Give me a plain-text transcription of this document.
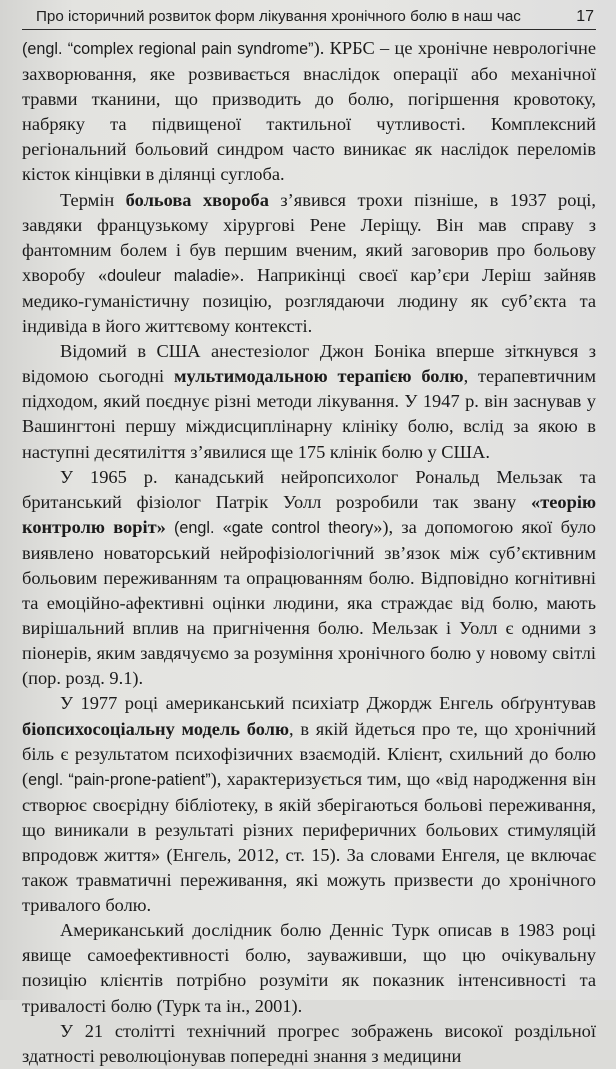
Про історичний розвиток форм лікування хронічного болю в наш час	17

(engl. “complex regional pain syndrome”). КРБС – це хронічне неврологічне захворювання, яке розвивається внаслідок операції або механічної травми тканини, що призводить до болю, погіршення кровотоку, набряку та підвищеної тактильної чутливості. Комплексний регіональний больовий синдром часто виникає як наслідок переломів кісток кінцівки в ділянці суглоба.

Термін больова хвороба з’явився трохи пізніше, в 1937 році, завдяки французькому хірургові Рене Леріщу. Він мав справу з фантомним болем і був першим вченим, який заговорив про больову хворобу «douleur maladie». Наприкінці своєї кар’єри Леріш зайняв медико-гуманістичну позицію, розглядаючи людину як суб’єкта та індивіда в його життєвому контексті.

Відомий в США анестезіолог Джон Боніка вперше зіткнувся з відомою сьогодні мультимодальною терапією болю, терапевтичним підходом, який поєднує різні методи лікування. У 1947 р. він заснував у Вашингтоні першу міждисциплінарну клініку болю, вслід за якою в наступні десятиліття з’явилися ще 175 клінік болю у США.

У 1965 р. канадський нейропсихолог Рональд Мельзак та британський фізіолог Патрік Уолл розробили так звану «теорію контролю воріт» (engl. «gate control theory»), за допомогою якої було виявлено новаторський нейрофізіологічний зв’язок між суб’єктивним больовим переживанням та опрацюванням болю. Відповідно когнітивні та емоційно-афективні оцінки людини, яка страждає від болю, мають вирішальний вплив на пригнічення болю. Мельзак і Уолл є одними з піонерів, яким завдячуємо за розуміння хронічного болю у новому світлі (пор. розд. 9.1).

У 1977 році американський психіатр Джордж Енгель обґрунтував біопсихосоціальну модель болю, в якій йдеться про те, що хронічний біль є результатом психофізичних взаємодій. Клієнт, схильний до болю (engl. “pain-prone-patient”), характеризується тим, що «від народження він створює своєрідну бібліотеку, в якій зберігаються больові переживання, що виникали в результаті різних периферичних больових стимуляцій впродовж життя» (Енгель, 2012, ст. 15). За словами Енгеля, це включає також травматичні переживання, які можуть призвести до хронічного тривалого болю.

Американський дослідник болю Денніс Турк описав в 1983 році явище самоефективності болю, зауваживши, що цю очікувальну позицію клієнтів потрібно розуміти як показник інтенсивності та тривалості болю (Турк та ін., 2001).

У 21 столітті технічний прогрес зображень високої роздільної здатності революціонував попередні знання з медицини
